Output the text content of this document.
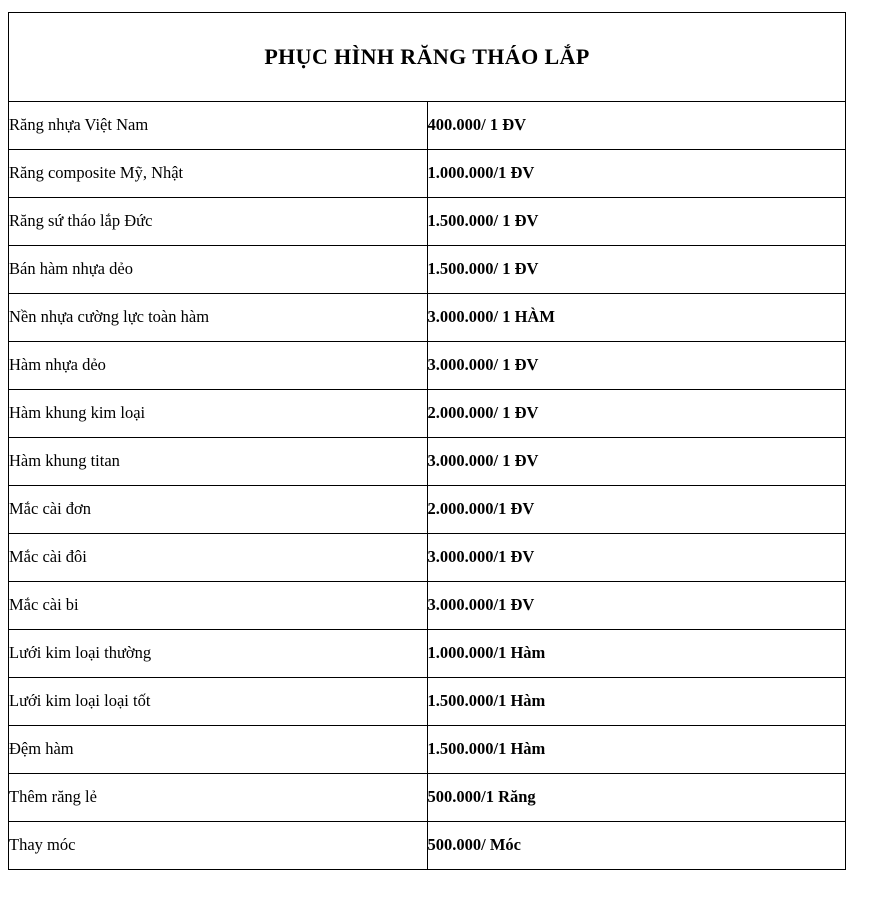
PHỤC HÌNH RĂNG THÁO LẮP	
Răng nhựa Việt Nam	400.000/ 1 ĐV
Răng composite Mỹ, Nhật	1.000.000/1 ĐV
Răng sứ tháo lắp Đức	1.500.000/ 1 ĐV
Bán hàm nhựa dẻo	1.500.000/ 1 ĐV
Nền nhựa cường lực toàn hàm	3.000.000/ 1 HÀM
Hàm nhựa dẻo	3.000.000/ 1 ĐV
Hàm khung kim loại	2.000.000/ 1 ĐV
Hàm khung titan	3.000.000/ 1 ĐV
Mắc cài đơn	2.000.000/1 ĐV
Mắc cài đôi	3.000.000/1 ĐV
Mắc cài bi	3.000.000/1 ĐV
Lưới kim loại thường	1.000.000/1 Hàm
Lưới kim loại loại tốt	1.500.000/1 Hàm
Đệm hàm	1.500.000/1 Hàm
Thêm răng lẻ	500.000/1 Răng
Thay móc	500.000/ Móc
